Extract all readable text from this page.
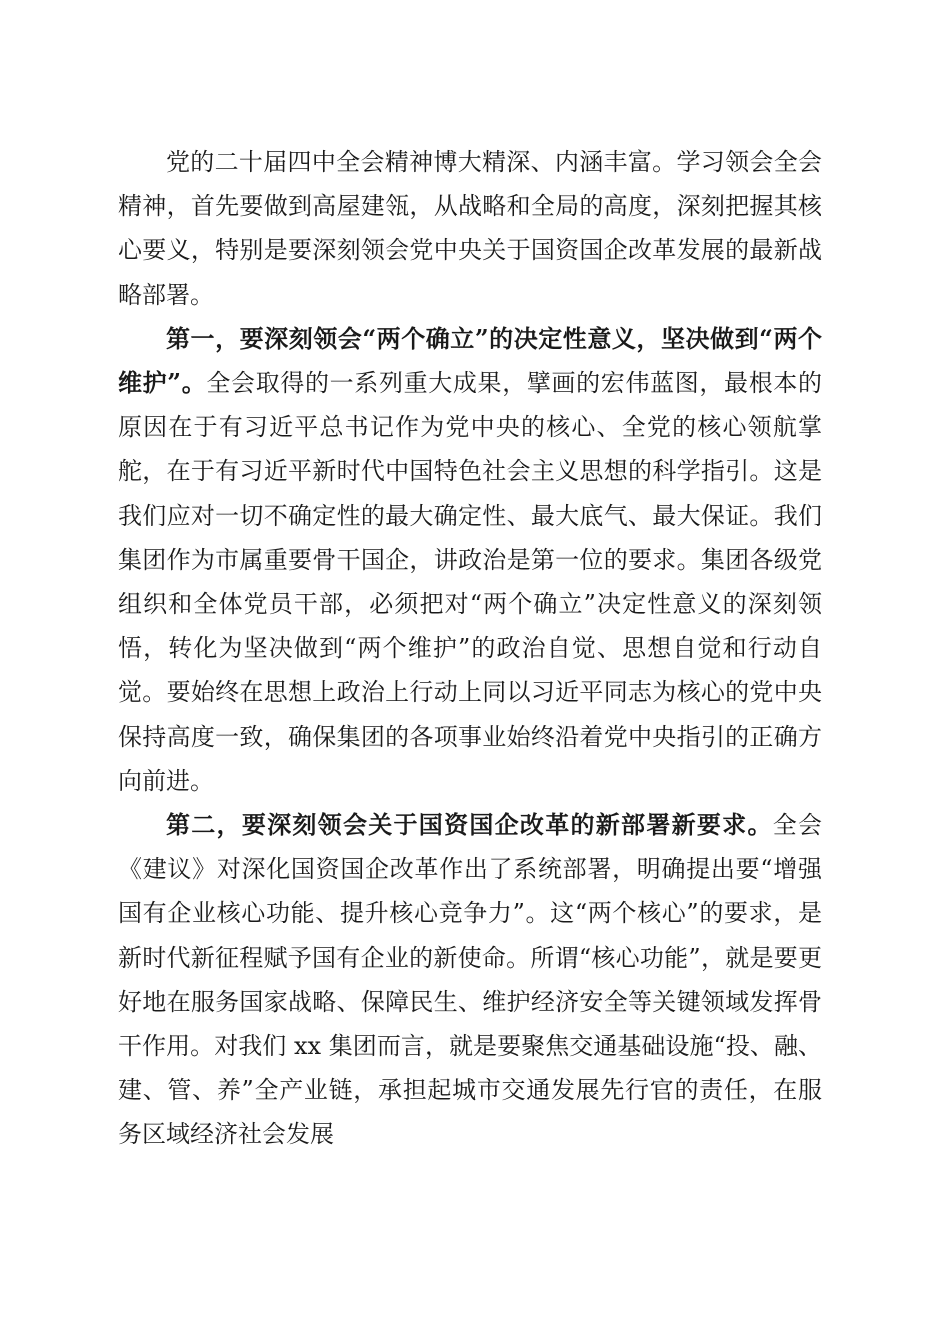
党的二十届四中全会精神博大精深、内涵丰富。学习领会全会精神，首先要做到高屋建瓴，从战略和全局的高度，深刻把握其核心要义，特别是要深刻领会党中央关于国资国企改革发展的最新战略部署。

第一，要深刻领会“两个确立”的决定性意义，坚决做到“两个维护”。全会取得的一系列重大成果，擘画的宏伟蓝图，最根本的原因在于有习近平总书记作为党中央的核心、全党的核心领航掌舵，在于有习近平新时代中国特色社会主义思想的科学指引。这是我们应对一切不确定性的最大确定性、最大底气、最大保证。我们集团作为市属重要骨干国企，讲政治是第一位的要求。集团各级党组织和全体党员干部，必须把对“两个确立”决定性意义的深刻领悟，转化为坚决做到“两个维护”的政治自觉、思想自觉和行动自觉。要始终在思想上政治上行动上同以习近平同志为核心的党中央保持高度一致，确保集团的各项事业始终沿着党中央指引的正确方向前进。

第二，要深刻领会关于国资国企改革的新部署新要求。全会《建议》对深化国资国企改革作出了系统部署，明确提出要“增强国有企业核心功能、提升核心竞争力”。这“两个核心”的要求，是新时代新征程赋予国有企业的新使命。所谓“核心功能”，就是要更好地在服务国家战略、保障民生、维护经济安全等关键领域发挥骨干作用。对我们 xx 集团而言，就是要聚焦交通基础设施“投、融、建、管、养”全产业链，承担起城市交通发展先行官的责任，在服务区域经济社会发展
